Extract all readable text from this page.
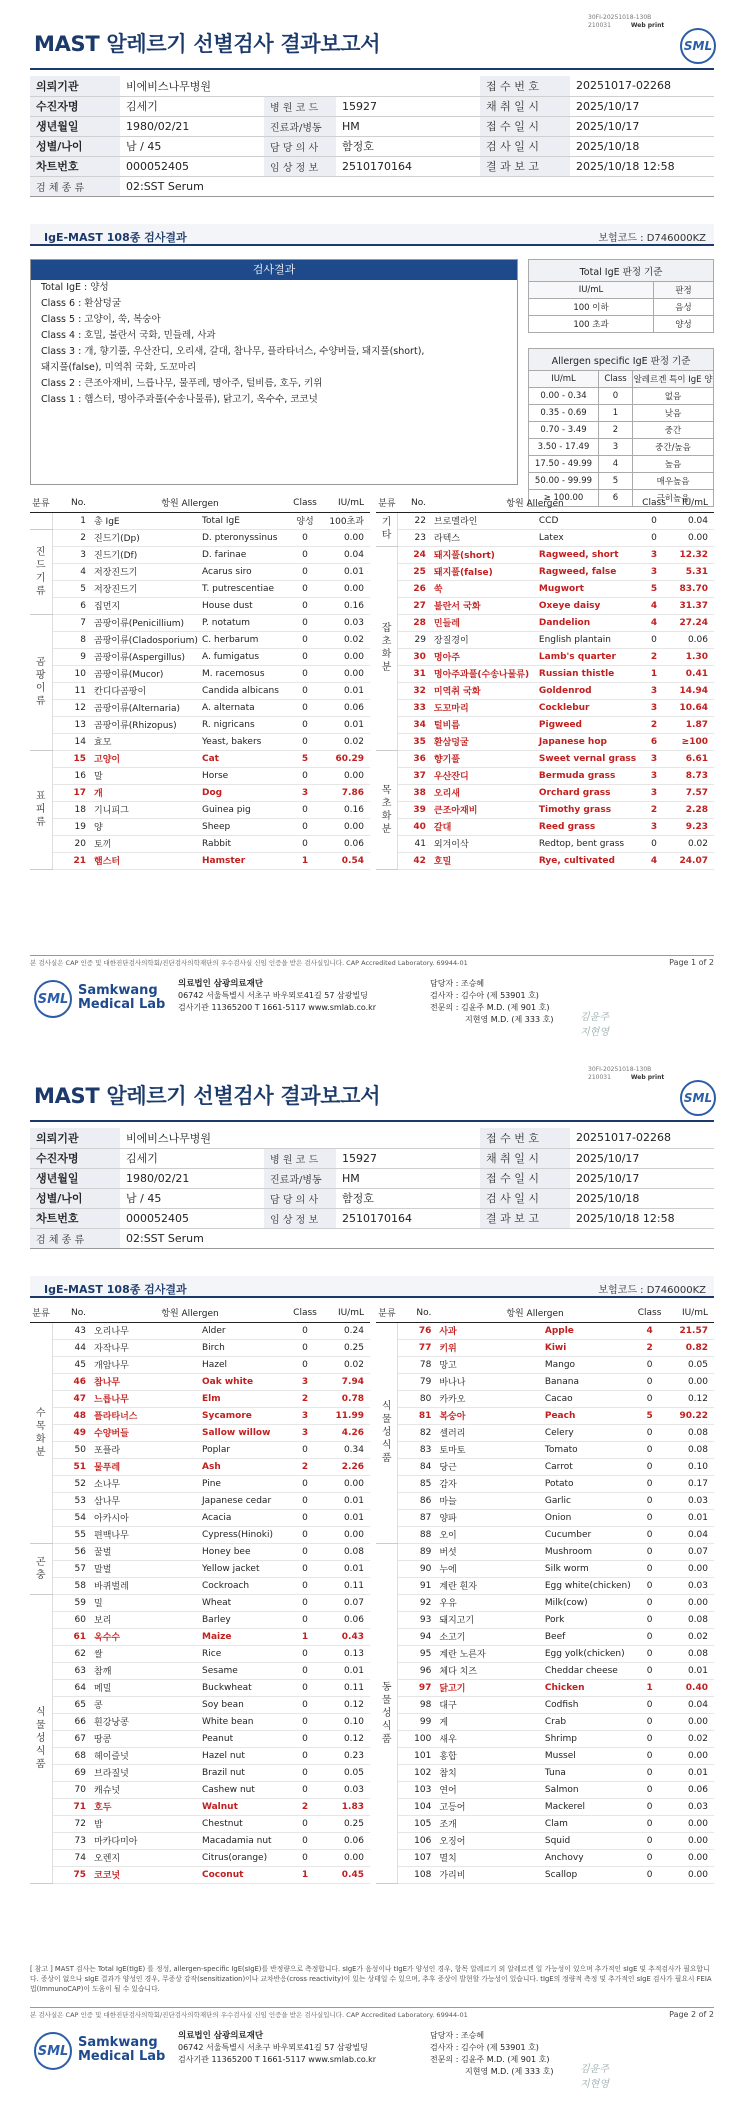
30FI-20251018-130B
210031	Web print
MAST 알레르기 선별검사 결과보고서	SML
의뢰기관	비에비스나무병원			접 수 번 호	20251017-02268
수진자명	김세기	병 원 코 드	15927	채 취 일 시	2025/10/17
생년월일	1980/02/21	진료과/병동	HM	접 수 일 시	2025/10/17
성별/나이	남 / 45	담 당 의 사	함정호	검 사 일 시	2025/10/18
차트번호	000052405	임 상 정 보	2510170164	결 과 보 고	2025/10/18 12:58
검 체 종 류	02:SST Serum				
IgE-MAST 108종 검사결과	보험코드 : D746000KZ
검사결과
Total IgE : 양성
Class 6 : 환삼덩굴
Class 5 : 고양이, 쑥, 복숭아
Class 4 : 호밀, 불란서 국화, 민들레, 사과
Class 3 : 개, 향기풀, 우산잔디, 오리새, 갈대, 참나무, 플라타너스, 수양버들, 돼지풀(short),
돼지풀(false), 미역취 국화, 도꼬마리
Class 2 : 큰조아재비, 느릅나무, 물푸레, 명아주, 털비름, 호두, 키위
Class 1 : 햄스터, 명아주과풀(수송나물류), 닭고기, 옥수수, 코코넛
Total IgE 판정 기준	
IU/mL	판정
100 이하	음성
100 초과	양성
Allergen specific IgE 판정 기준		
IU/mL	Class	알레르겐 특이 IgE 양
0.00 - 0.34	0	없음
0.35 - 0.69	1	낮음
0.70 - 3.49	2	중간
3.50 - 17.49	3	중간/높음
17.50 - 49.99	4	높음
50.00 - 99.99	5	매우높음
≥ 100.00	6	극히높음
분류	No.	항원 Allergen		Class	IU/mL
	1	총 IgE	Total IgE	양성	100초과

진
드
기
류	2	진드기(Dp)	D. pteronyssinus	0	0.00
	3	진드기(Df)	D. farinae	0	0.04
	4	저장진드기	Acarus siro	0	0.01
	5	저장진드기	T. putrescentiae	0	0.00
	6	집먼지	House dust	0	0.16

곰
팡
이
류	7	곰팡이류(Penicillium)	P. notatum	0	0.03
	8	곰팡이류(Cladosporium)	C. herbarum	0	0.02
	9	곰팡이류(Aspergillus)	A. fumigatus	0	0.00
	10	곰팡이류(Mucor)	M. racemosus	0	0.00
	11	칸디다곰팡이	Candida albicans	0	0.01
	12	곰팡이류(Alternaria)	A. alternata	0	0.06
	13	곰팡이류(Rhizopus)	R. nigricans	0	0.01
	14	효모	Yeast, bakers	0	0.02

표
피
류	15	고양이	Cat	5	60.29
	16	말	Horse	0	0.00
	17	개	Dog	3	7.86
	18	기니피그	Guinea pig	0	0.16
	19	양	Sheep	0	0.00
	20	토끼	Rabbit	0	0.06
	21	햄스터	Hamster	1	0.54
분류	No.	항원 Allergen		Class	IU/mL

기
타	22	브로멜라인	CCD	0	0.04
	23	라텍스	Latex	0	0.00

잡
초
화
분	24	돼지풀(short)	Ragweed, short	3	12.32
	25	돼지풀(false)	Ragweed, false	3	5.31
	26	쑥	Mugwort	5	83.70
	27	불란서 국화	Oxeye daisy	4	31.37
	28	민들레	Dandelion	4	27.24
	29	장질경이	English plantain	0	0.06
	30	명아주	Lamb's quarter	2	1.30
	31	명아주과풀(수송나물류)	Russian thistle	1	0.41
	32	미역취 국화	Goldenrod	3	14.94
	33	도꼬마리	Cocklebur	3	10.64
	34	털비름	Pigweed	2	1.87
	35	환삼덩굴	Japanese hop	6	≥100

목
초
화
분	36	향기풀	Sweet vernal grass	3	6.61
	37	우산잔디	Bermuda grass	3	8.73
	38	오리새	Orchard grass	3	7.57
	39	큰조아재비	Timothy grass	2	2.28
	40	갈대	Reed grass	3	9.23
	41	외겨이삭	Redtop, bent grass	0	0.02
	42	호밀	Rye, cultivated	4	24.07
본 검사실은 CAP 인증 및 대한진단검사의학회/진단검사의학재단의 우수검사실 신임 인증을 받은 검사실입니다. CAP Accredited Laboratory. 69944-01	Page 1 of 2
SML
Samkwang
Medical Lab
의료법인 삼광의료재단
06742 서울특별시 서초구 바우뫼로41길 57 삼광빌딩
검사기관 11365200 T 1661-5117 www.smlab.co.kr
담당자 : 조승혜
검사자 : 김수아 (제 53901 호)
전문의 : 김윤주 M.D. (제 901 호)
지현영 M.D. (제 333 호)	김윤주
지현영
30FI-20251018-130B
210031	Web print
MAST 알레르기 선별검사 결과보고서	SML
의뢰기관	비에비스나무병원			접 수 번 호	20251017-02268
수진자명	김세기	병 원 코 드	15927	채 취 일 시	2025/10/17
생년월일	1980/02/21	진료과/병동	HM	접 수 일 시	2025/10/17
성별/나이	남 / 45	담 당 의 사	함정호	검 사 일 시	2025/10/18
차트번호	000052405	임 상 정 보	2510170164	결 과 보 고	2025/10/18 12:58
검 체 종 류	02:SST Serum				
IgE-MAST 108종 검사결과	보험코드 : D746000KZ
분류	No.	항원 Allergen		Class	IU/mL

수
목
화
분	43	오리나무	Alder	0	0.24
	44	자작나무	Birch	0	0.25
	45	개암나무	Hazel	0	0.02
	46	참나무	Oak white	3	7.94
	47	느릅나무	Elm	2	0.78
	48	플라타너스	Sycamore	3	11.99
	49	수양버들	Sallow willow	3	4.26
	50	포플라	Poplar	0	0.34
	51	물푸레	Ash	2	2.26
	52	소나무	Pine	0	0.00
	53	삼나무	Japanese cedar	0	0.01
	54	아카시아	Acacia	0	0.01
	55	편백나무	Cypress(Hinoki)	0	0.00

곤
충	56	꿀벌	Honey bee	0	0.08
	57	말벌	Yellow jacket	0	0.01
	58	바퀴벌레	Cockroach	0	0.11

식
물
성
식
품	59	밀	Wheat	0	0.07
	60	보리	Barley	0	0.06
	61	옥수수	Maize	1	0.43
	62	쌀	Rice	0	0.13
	63	참깨	Sesame	0	0.01
	64	메밀	Buckwheat	0	0.11
	65	콩	Soy bean	0	0.12
	66	흰강낭콩	White bean	0	0.10
	67	땅콩	Peanut	0	0.12
	68	헤이즐넛	Hazel nut	0	0.23
	69	브라질넛	Brazil nut	0	0.05
	70	캐슈넛	Cashew nut	0	0.03
	71	호두	Walnut	2	1.83
	72	밤	Chestnut	0	0.25
	73	마카다미아	Macadamia nut	0	0.06
	74	오렌지	Citrus(orange)	0	0.00
	75	코코넛	Coconut	1	0.45
분류	No.	항원 Allergen		Class	IU/mL

식
물
성
식
품	76	사과	Apple	4	21.57
	77	키위	Kiwi	2	0.82
	78	망고	Mango	0	0.05
	79	바나나	Banana	0	0.00
	80	카카오	Cacao	0	0.12
	81	복숭아	Peach	5	90.22
	82	셀러리	Celery	0	0.08
	83	토마토	Tomato	0	0.08
	84	당근	Carrot	0	0.10
	85	감자	Potato	0	0.17
	86	마늘	Garlic	0	0.03
	87	양파	Onion	0	0.01
	88	오이	Cucumber	0	0.04

동
물
성
식
품	89	버섯	Mushroom	0	0.07
	90	누에	Silk worm	0	0.00
	91	계란 흰자	Egg white(chicken)	0	0.03
	92	우유	Milk(cow)	0	0.00
	93	돼지고기	Pork	0	0.08
	94	소고기	Beef	0	0.02
	95	계란 노른자	Egg yolk(chicken)	0	0.08
	96	체다 치즈	Cheddar cheese	0	0.01
	97	닭고기	Chicken	1	0.40
	98	대구	Codfish	0	0.04
	99	게	Crab	0	0.00
	100	새우	Shrimp	0	0.02
	101	홍합	Mussel	0	0.00
	102	참치	Tuna	0	0.01
	103	연어	Salmon	0	0.06
	104	고등어	Mackerel	0	0.03
	105	조개	Clam	0	0.00
	106	오징어	Squid	0	0.00
	107	멸치	Anchovy	0	0.00
	108	가리비	Scallop	0	0.00
[ 참고 ] MAST 검사는 Total IgE(tIgE) 를 정성, allergen-specific IgE(sIgE)를 반정량으로 측정합니다. sIgE가 음성이나 tIgE가 양성인 경우, 항목 알레르기 외 알레르겐 일 가능성이 있으며 추가적인 sIgE 및 추적검사가 필요합니다. 증상이 없으나 sIgE 결과가 양성인 경우, 무증상 감작(sensitization)이나 교차반응(cross reactivity)이 있는 상태일 수 있으며, 추후 증상이 발현할 가능성이 있습니다. tIgE의 정량적 측정 및 추가적인 sIgE 검사가 필요시 FEIA법(ImmunoCAP)이 도움이 될 수 있습니다.
본 검사실은 CAP 인증 및 대한진단검사의학회/진단검사의학재단의 우수검사실 신임 인증을 받은 검사실입니다. CAP Accredited Laboratory. 69944-01	Page 2 of 2
SML
Samkwang
Medical Lab
의료법인 삼광의료재단
06742 서울특별시 서초구 바우뫼로41길 57 삼광빌딩
검사기관 11365200 T 1661-5117 www.smlab.co.kr
담당자 : 조승혜
검사자 : 김수아 (제 53901 호)
전문의 : 김윤주 M.D. (제 901 호)
지현영 M.D. (제 333 호)	김윤주
지현영
